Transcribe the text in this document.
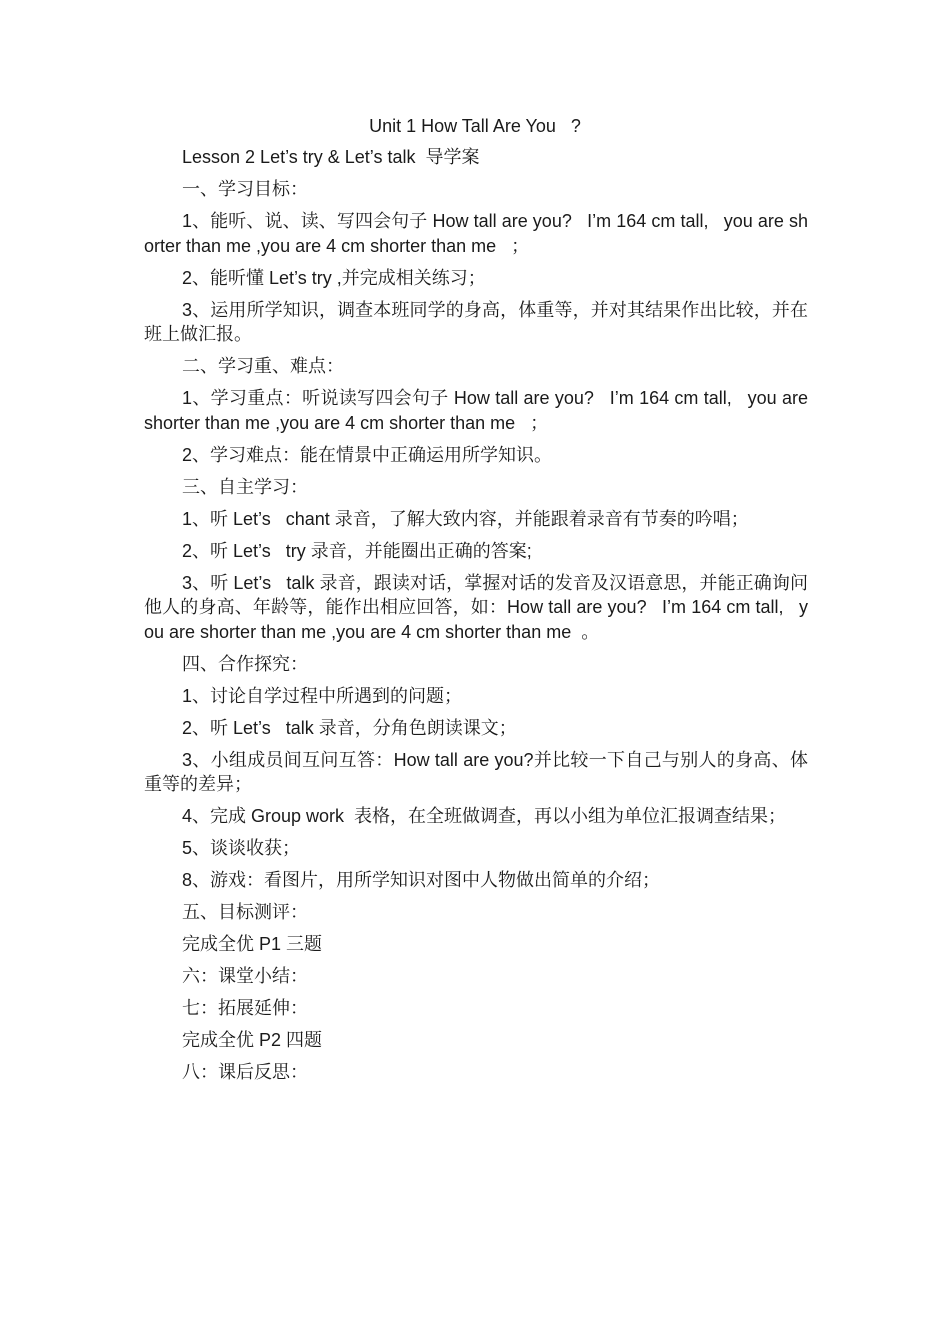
Unit 1 How Tall Are You   ?

Lesson 2 Let’s try & Let’s talk  导学案

一、学习目标：

1、能听、说、读、写四会句子 How tall are you?   I’m 164 cm tall,   you are shorter than me ,you are 4 cm shorter than me   ；

2、能听懂 Let’s try ,并完成相关练习；

3、运用所学知识，调查本班同学的身高，体重等，并对其结果作出比较，并在班上做汇报。

二、学习重、难点：

1、学习重点：听说读写四会句子 How tall are you?   I’m 164 cm tall,   you are shorter than me ,you are 4 cm shorter than me   ；

2、学习难点：能在情景中正确运用所学知识。

三、自主学习：

1、听 Let’s   chant 录音，了解大致内容，并能跟着录音有节奏的吟唱；

2、听 Let’s   try 录音，并能圈出正确的答案;

3、听 Let’s   talk 录音，跟读对话，掌握对话的发音及汉语意思，并能正确询问他人的身高、年龄等，能作出相应回答，如：How tall are you?   I’m 164 cm tall,   you are shorter than me ,you are 4 cm shorter than me  。

四、合作探究：

1、讨论自学过程中所遇到的问题；

2、听 Let’s   talk 录音，分角色朗读课文；

3、小组成员间互问互答：How tall are you?并比较一下自己与别人的身高、体重等的差异；

4、完成 Group work  表格，在全班做调查，再以小组为单位汇报调查结果；

5、谈谈收获；

8、游戏：看图片，用所学知识对图中人物做出简单的介绍；

五、目标测评：

完成全优 P1 三题

六：课堂小结：

七：拓展延伸：

完成全优 P2 四题

八：课后反思：
